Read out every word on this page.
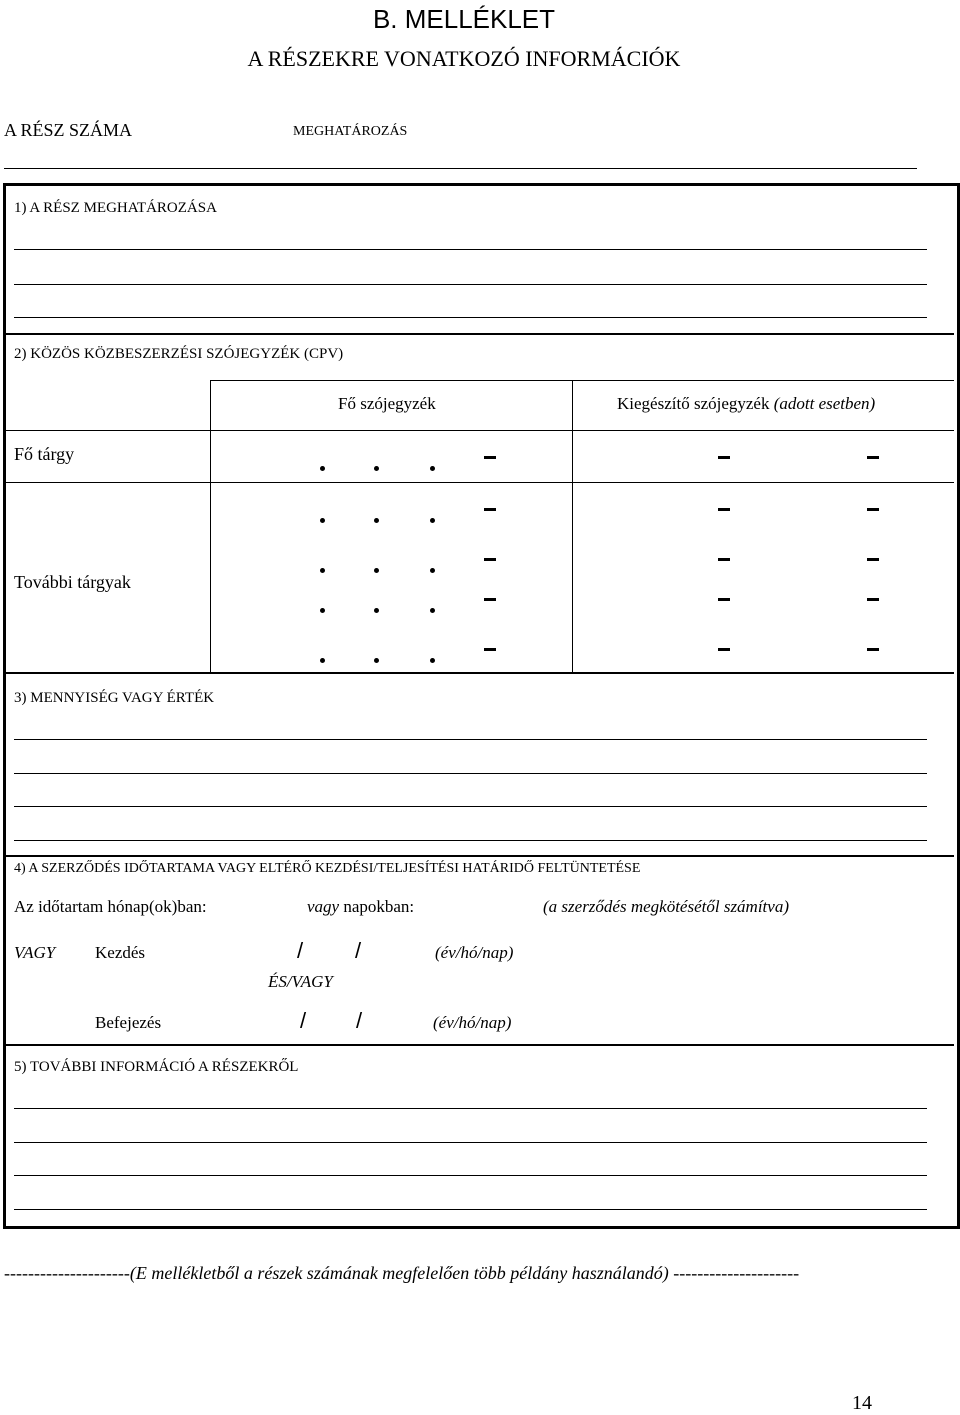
B. MELLÉKLET
A RÉSZEKRE VONATKOZÓ INFORMÁCIÓK
A RÉSZ SZÁMA	MEGHATÁROZÁS
1) A RÉSZ MEGHATÁROZÁSA
2) KÖZÖS KÖZBESZERZÉSI SZÓJEGYZÉK (CPV)
Fő szójegyzék	Kiegészítő szójegyzék (adott esetben)
Fő tárgy
További tárgyak
3) MENNYISÉG VAGY ÉRTÉK
4) A SZERZŐDÉS IDŐTARTAMA VAGY ELTÉRŐ KEZDÉSI/TELJESÍTÉSI HATÁRIDŐ FELTÜNTETÉSE
Az időtartam hónap(ok)ban:	vagy napokban:	(a szerződés megkötésétől számítva)
VAGY Kezdés	/ /	(év/hó/nap)
ÉS/VAGY
Befejezés	/ /	(év/hó/nap)
5) TOVÁBBI INFORMÁCIÓ A RÉSZEKRŐL
---------------------(E mellékletből a részek számának megfelelően több példány használandó) ---------------------
14
